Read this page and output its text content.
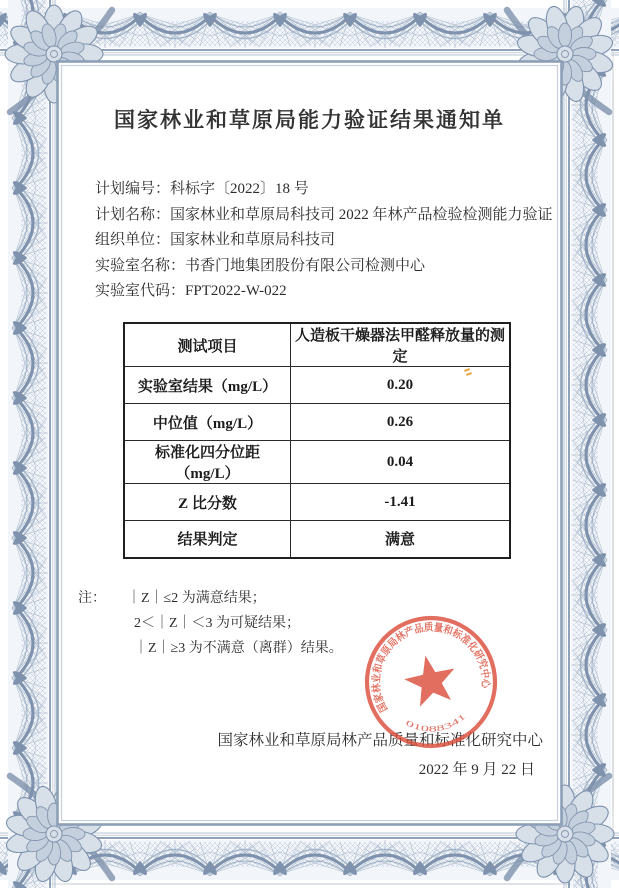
国家林业和草原局能力验证结果通知单
计划编号：科标字〔2022〕18 号
计划名称：国家林业和草原局科技司 2022 年林产品检验检测能力验证
组织单位：国家林业和草原局科技司
实验室名称：书香门地集团股份有限公司检测中心
实验室代码：FPT2022-W-022
测试项目	人造板干燥器法甲醛释放量的测定
实验室结果（mg/L）	0.20
中位值（mg/L）	0.26
标准化四分位距（mg/L）	0.04
Z 比分数	-1.41
结果判定	满意
注：	｜Z｜≤2 为满意结果；
2＜｜Z｜＜3 为可疑结果；
｜Z｜≥3 为不满意（离群）结果。
国家林业和草原局林产品质量和标准化研究中心
2022 年 9 月 22 日
国家林业和草原局林产品质量和标准化研究中心
01088341
